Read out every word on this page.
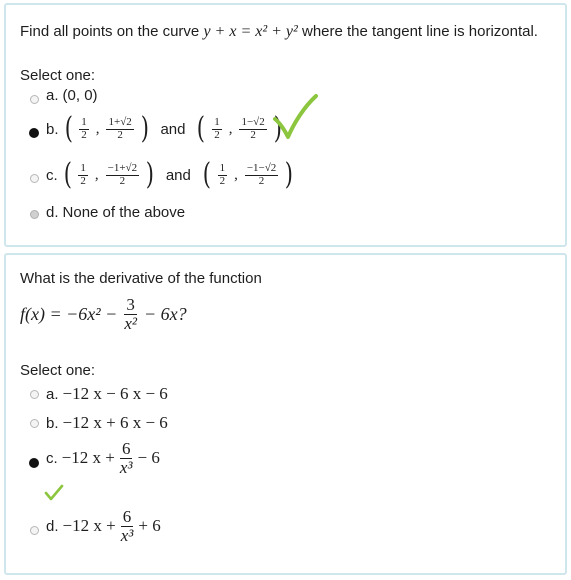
Find all points on the curve y + x = x² + y² where the tangent line is horizontal.
Select one:
a. (0, 0)
b. ( $\frac{1}{2}$ , $\frac{1+√2}{2}$ ) and ( $\frac{1}{2}$ , $\frac{1-√2}{2}$ )
c. ( $\frac{1}{2}$ , $\frac{-1+√2}{2}$ ) and ( $\frac{1}{2}$ , $\frac{-1-√2}{2}$ )
d. None of the above
What is the derivative of the function
$f(x) = -6x^2 - \frac{3}{\text{x²}} - 6x$?
Select one:
a. −12 x − 6 x − 6
b. −12 x + 6 x − 6
c. −12 $x + \frac{6}{\text{x³}} - 6$
d. −12 $x + \frac{6}{\text{x³}} + 6$
